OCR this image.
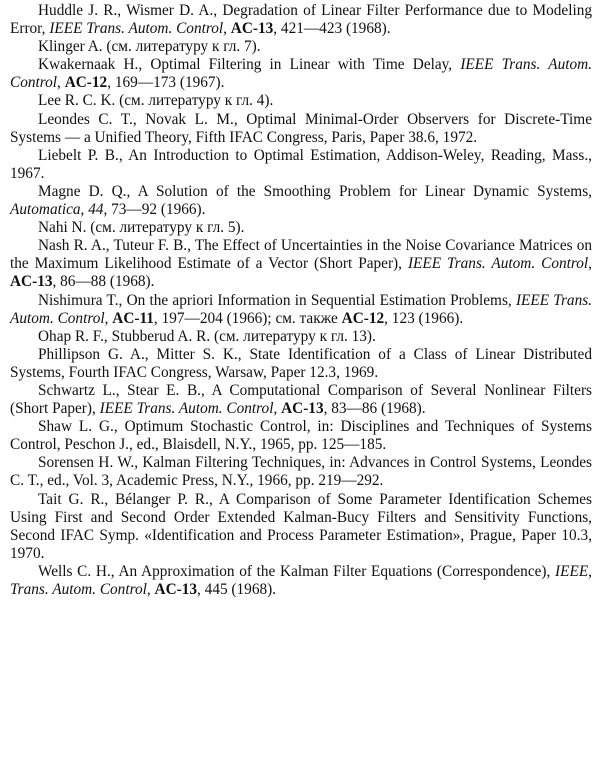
Huddle J. R., Wismer D. A., Degradation of Linear Filter Performance due to Modeling Error, IEEE Trans. Autom. Control, AC-13, 421—423 (1968).

Klinger A. (см. литературу к гл. 7).

Kwakernaak H., Optimal Filtering in Linear with Time Delay, IEEE Trans. Autom. Control, AC-12, 169—173 (1967).

Lee R. C. K. (см. литературу к гл. 4).

Leondes C. T., Novak L. M., Optimal Minimal-Order Observers for Discrete-Time Systems — a Unified Theory, Fifth IFAC Congress, Paris, Paper 38.6, 1972.

Liebelt P. B., An Introduction to Optimal Estimation, Addison-Weley, Reading, Mass., 1967.

Magne D. Q., A Solution of the Smoothing Problem for Linear Dynamic Systems, Automatica, 44, 73—92 (1966).

Nahi N. (см. литературу к гл. 5).

Nash R. A., Tuteur F. B., The Effect of Uncertainties in the Noise Covariance Matrices on the Maximum Likelihood Estimate of a Vector (Short Paper), IEEE Trans. Autom. Control, AC-13, 86—88 (1968).

Nishimura T., On the apriori Information in Sequential Estimation Problems, IEEE Trans. Autom. Control, AC-11, 197—204 (1966); см. также AC-12, 123 (1966).

Ohap R. F., Stubberud A. R. (см. литературу к гл. 13).

Phillipson G. A., Mitter S. K., State Identification of a Class of Linear Distributed Systems, Fourth IFAC Congress, Warsaw, Paper 12.3, 1969.

Schwartz L., Stear E. B., A Computational Comparison of Several Nonlinear Filters (Short Paper), IEEE Trans. Autom. Control, AC-13, 83—86 (1968).

Shaw L. G., Optimum Stochastic Control, in: Disciplines and Techniques of Systems Control, Peschon J., ed., Blaisdell, N.Y., 1965, pp. 125—185.

Sorensen H. W., Kalman Filtering Techniques, in: Advances in Control Systems, Leondes C. T., ed., Vol. 3, Academic Press, N.Y., 1966, pp. 219—292.

Tait G. R., Bélanger P. R., A Comparison of Some Parameter Identification Schemes Using First and Second Order Extended Kalman-Bucy Filters and Sensitivity Functions, Second IFAC Symp. «Identification and Process Parameter Estimation», Prague, Paper 10.3, 1970.

Wells C. H., An Approximation of the Kalman Filter Equations (Correspondence), IEEE, Trans. Autom. Control, AC-13, 445 (1968).
